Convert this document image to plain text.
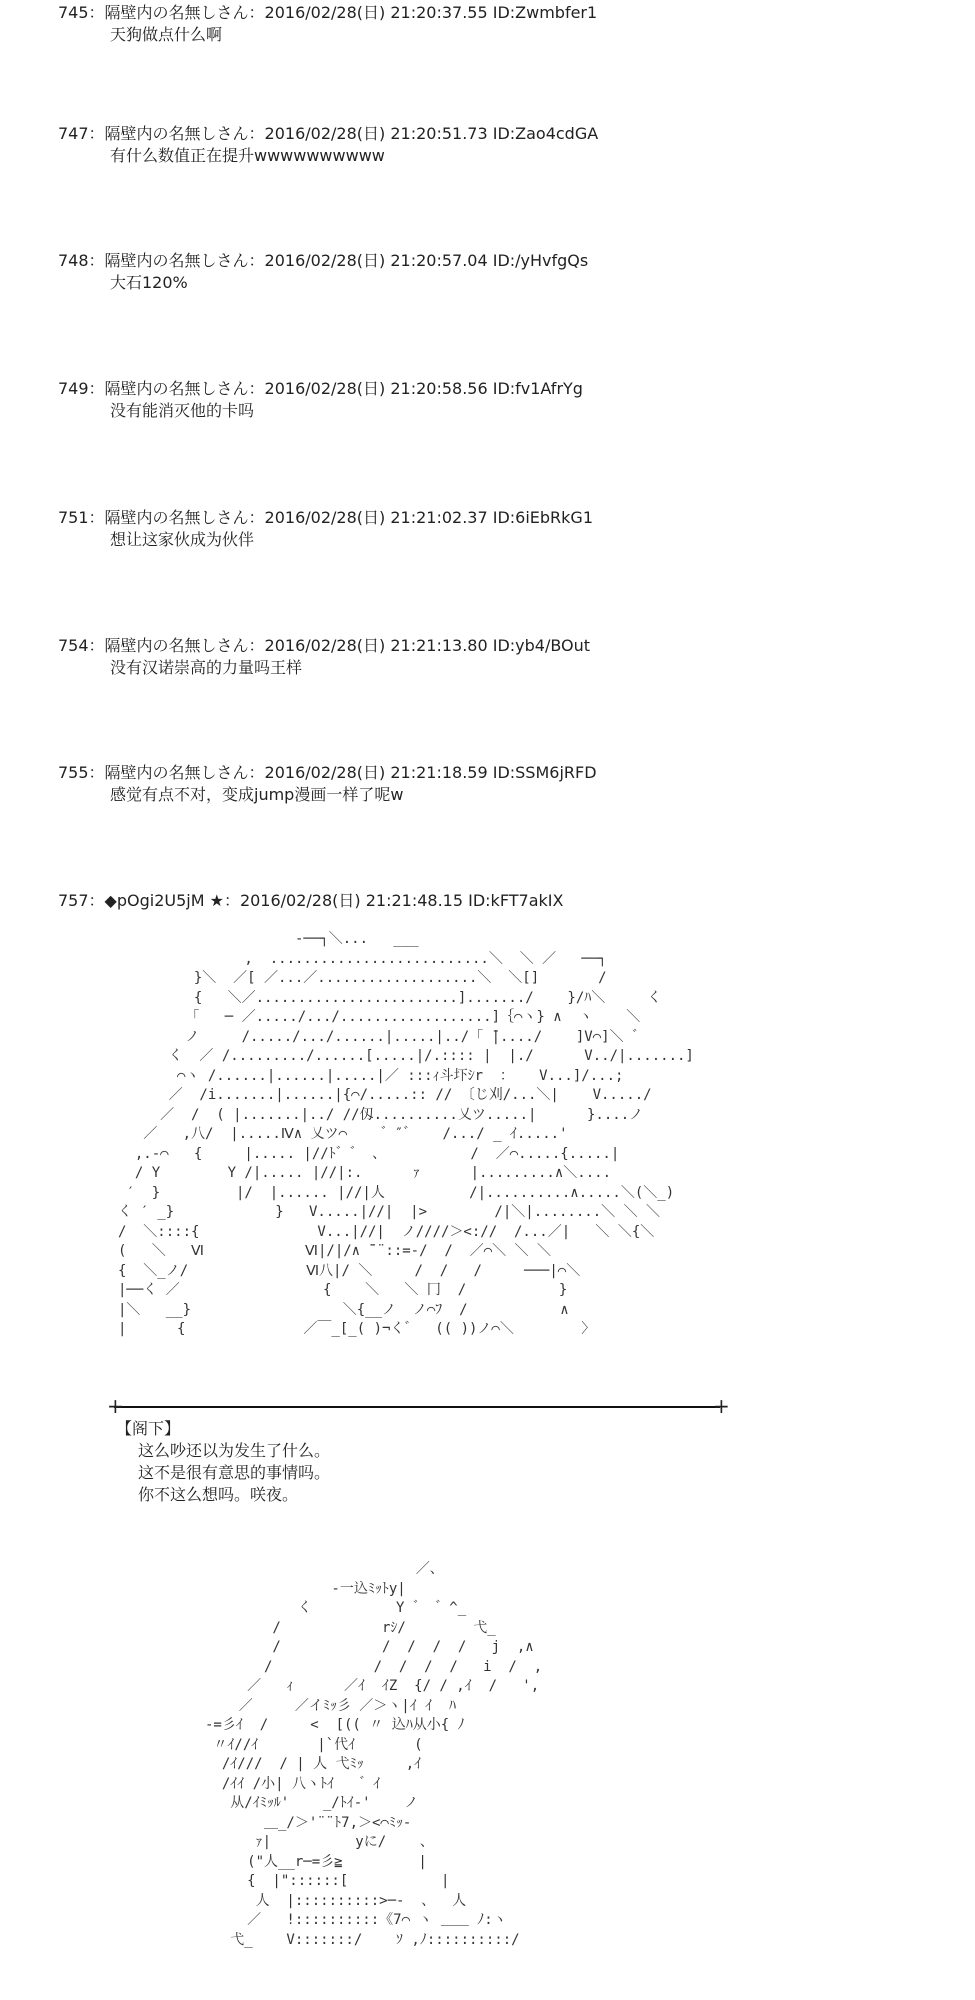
745：隔壁内の名無しさん：2016/02/28(日) 21:20:37.55 ID:Zwmbfer1
天狗做点什么啊
747：隔壁内の名無しさん：2016/02/28(日) 21:20:51.73 ID:Zao4cdGA
有什么数值正在提升wwwwwwwwww
748：隔壁内の名無しさん：2016/02/28(日) 21:20:57.04 ID:/yHvfgQs
大石120%
749：隔壁内の名無しさん：2016/02/28(日) 21:20:58.56 ID:fv1AfrYg
没有能消灭他的卡吗
751：隔壁内の名無しさん：2016/02/28(日) 21:21:02.37 ID:6iEbRkG1
想让这家伙成为伙伴
754：隔壁内の名無しさん：2016/02/28(日) 21:21:13.80 ID:yb4/BOut
没有汉诺崇高的力量吗王样
755：隔壁内の名無しさん：2016/02/28(日) 21:21:18.59 ID:SSM6jRFD
感觉有点不对，变成jump漫画一样了呢w
757：◆pOgi2U5jM ★：2016/02/28(日) 21:21:48.15 ID:kFT7akIX
-──┐＼...   ___
,  ..........................＼  ＼ ／   ──┐
}＼  ／[ ／...／...................＼  ＼[]       /
{   ＼／........................]......./    }/ﾊ＼     く
「   ─ ／...../.../..................]｛⌒ヽ} ∧  ヽ    ＼
ノ     /...../.../......|.....|../「 ̄|..../    ]V⌒]＼ ゛
く  ／ /........./......[.....|/.:::: |  |./      V../|.......]
⌒ヽ /......|......|.....|／ :::ｨ斗圷ｼr  ：   V...]/...;
／  /i.......|......|{⌒/.....:: // 〔じ刈/...＼|    V...../
／  /  ( |.......|../ //仭..........乂ツ.....|      }....ノ
／   ,八/  |.....Ⅳ∧ 乂ツ⌒    ゛″゛   /.../ _ ｲ.....'
,.-⌒   {     |..... |//ﾄ゛゛ 、          /  ／⌒.....{.....|
/ Y        Y /|..... |//|:.      ｧ      |.........∧＼....
′  }         |/  |...... |//|人          /|..........∧.....＼(＼_)
く ′ _}            }   V.....|//|  |>        /|＼|........＼ ＼ ＼
/  ＼::::{              V...|//|  ノ////＞<://  /...／|   ＼ ＼{＼
(   ＼   Ⅵ            Ⅵ|/|/∧ ̄¨¨::=-/  /  ／⌒＼ ＼ ＼
{  ＼_ノ/              Ⅵ八|/ ＼     /  /   /     ───|⌒＼
|──く ／                 {    ＼   ＼ 冂  /           }
|＼   __}                  ＼{__ノ  ノ⌒ﾌ  /           ∧
|      {              ／￣_[_( )¬く゛  (( ))ノ⌒＼        〉
+	+
【阁下】
这么吵还以为发生了什么。
这不是很有意思的事情吗。
你不这么想吗。咲夜。
／、
-一込ﾐｯﾄy|
く          Y ゛ ゛^_
/            rｼ/        弋_
/            /  /  /  /   j  ,∧
/            /  /  /  /   i  /  ,
／   ｨ      ／ｲ  ｲZ  {/ / ,ｲ  /   ',
／     ／イﾐｯ彡 ／＞ヽ|ｲ ｲ  ﾊ
-=彡ｲ  /     <  [(( 〃 込ﾊ从小{ ﾉ
〃ｲ//ｲ       |`代ｲ       (
/ｲ///  / | 人 弋ﾐｯ     ,ｲ
/ｲｲ /小| 八ヽﾄｲ   ゛ｲ
从/ｲﾐｯﾙ'    _/ﾄｲ-'    ノ
＿_/＞'¨¨ﾄ7,＞<⌒ﾐｯ-
ｧ|          yに/    、
("人__r─=彡≧         |
{  |"::::::[           |
人  |::::::::::>─-  、  人
／   !::::::::::《7⌒ ヽ ＿＿ ﾉ:ヽ
弋_    V:::::::/    ｿ ,ﾉ::::::::::/
